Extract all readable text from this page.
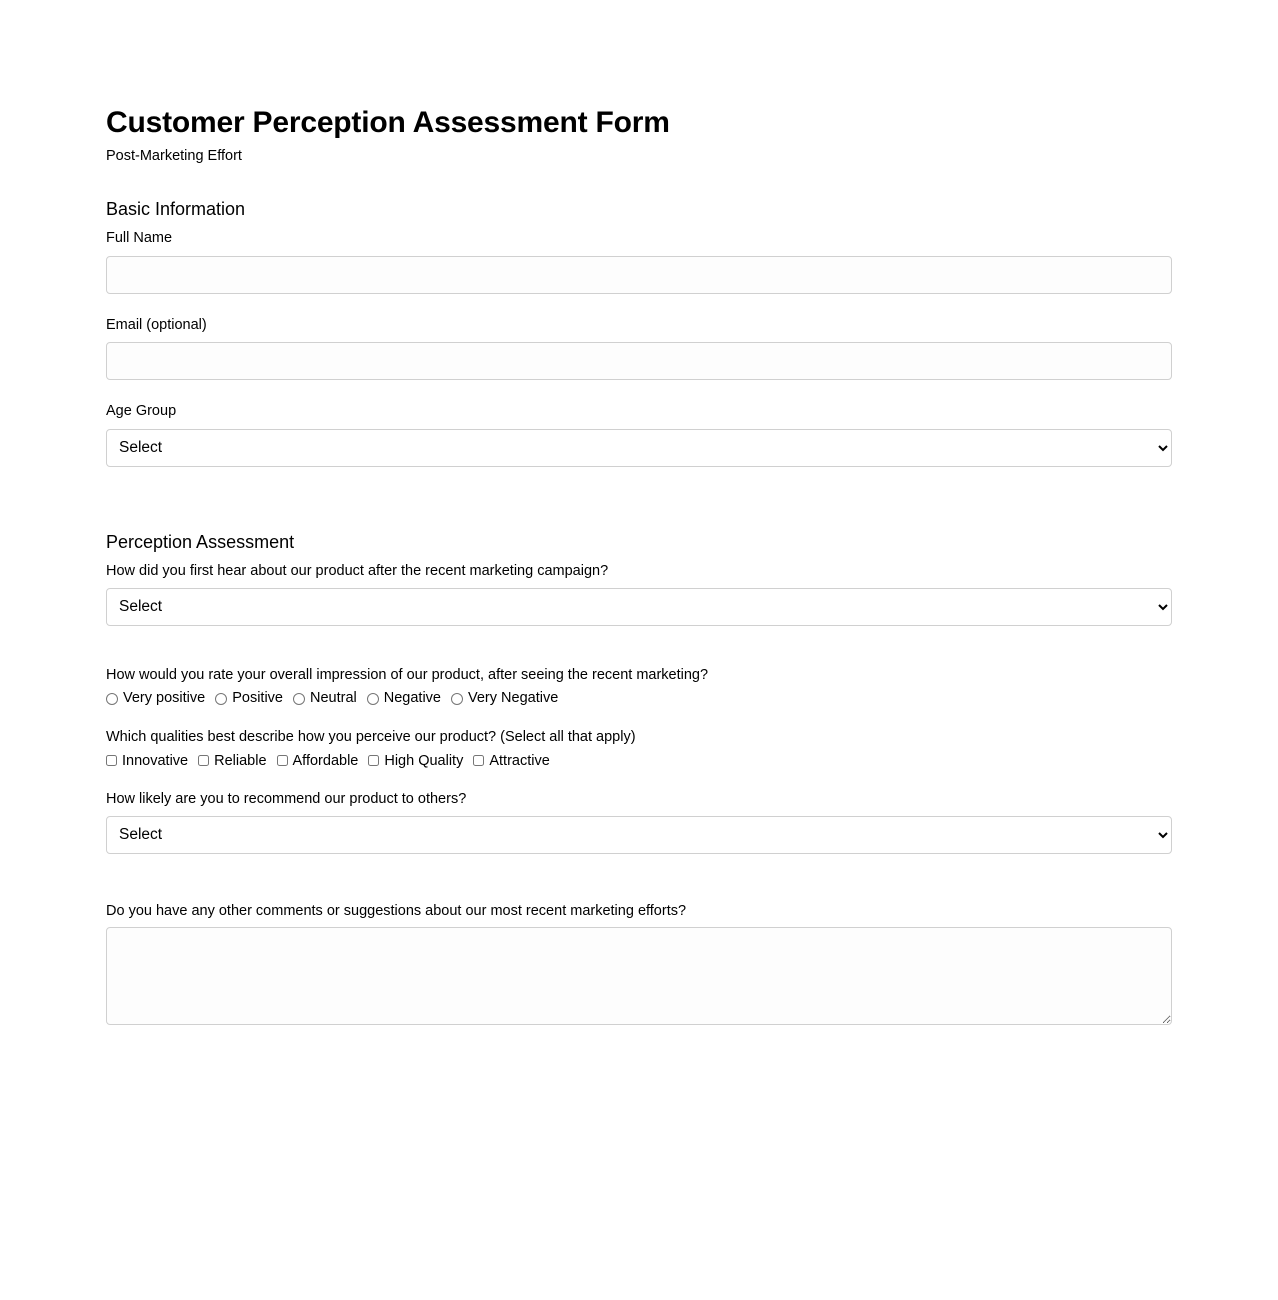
Customer Perception Assessment Form
Post-Marketing Effort
Basic Information
Full Name
Email (optional)
Age Group
Select
Perception Assessment
How did you first hear about our product after the recent marketing campaign?
Select
How would you rate your overall impression of our product, after seeing the recent marketing?
Very positive Positive Neutral Negative Very Negative
Which qualities best describe how you perceive our product? (Select all that apply)
Innovative Reliable Affordable High Quality Attractive
How likely are you to recommend our product to others?
Select
Do you have any other comments or suggestions about our most recent marketing efforts?
